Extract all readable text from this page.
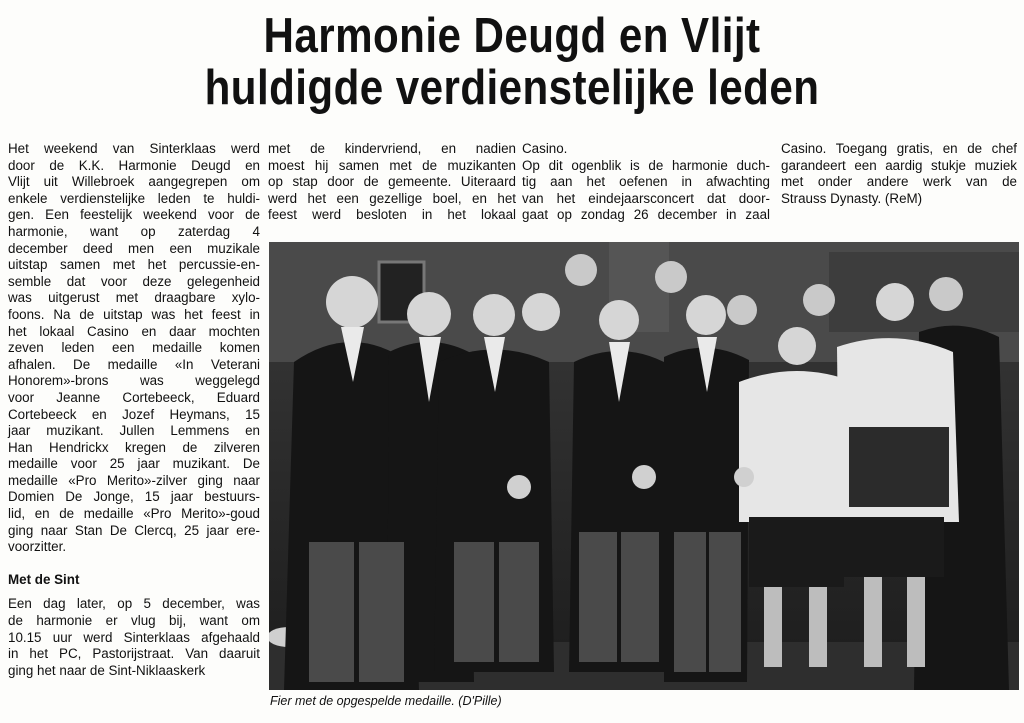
Harmonie Deugd en Vlijt
huldigde verdienstelijke leden

Het weekend van Sinterklaas werd
door de K.K. Harmonie Deugd en
Vlijt uit Willebroek aangegrepen om
enkele verdienstelijke leden te huldi-
gen. Een feestelijk weekend voor de
harmonie, want op zaterdag 4
december deed men een muzikale
uitstap samen met het percussie-en-
semble dat voor deze gelegenheid
was uitgerust met draagbare xylo-
foons. Na de uitstap was het feest in
het lokaal Casino en daar mochten
zeven leden een medaille komen
afhalen. De medaille «In Veterani
Honorem»-brons was weggelegd
voor Jeanne Cortebeeck, Eduard
Cortebeeck en Jozef Heymans, 15
jaar muzikant. Jullen Lemmens en
Han Hendrickx kregen de zilveren
medaille voor 25 jaar muzikant. De
medaille «Pro Merito»-zilver ging naar
Domien De Jonge, 15 jaar bestuurs-
lid, en de medaille «Pro Merito»-goud
ging naar Stan De Clercq, 25 jaar ere-
voorzitter.

Met de Sint

Een dag later, op 5 december, was
de harmonie er vlug bij, want om
10.15 uur werd Sinterklaas afgehaald
in het PC, Pastorijstraat. Van daaruit
ging het naar de Sint-Niklaaskerk

met de kindervriend, en nadien
moest hij samen met de muzikanten
op stap door de gemeente. Uiteraard
werd het een gezellige boel, en het
feest werd besloten in het lokaal

Casino.
Op dit ogenblik is de harmonie duch-
tig aan het oefenen in afwachting
van het eindejaarsconcert dat door-
gaat op zondag 26 december in zaal

Casino. Toegang gratis, en de chef
garandeert een aardig stukje muziek
met onder andere werk van de
Strauss Dynasty. (ReM)

Fier met de opgespelde medaille. (D'Pille)
